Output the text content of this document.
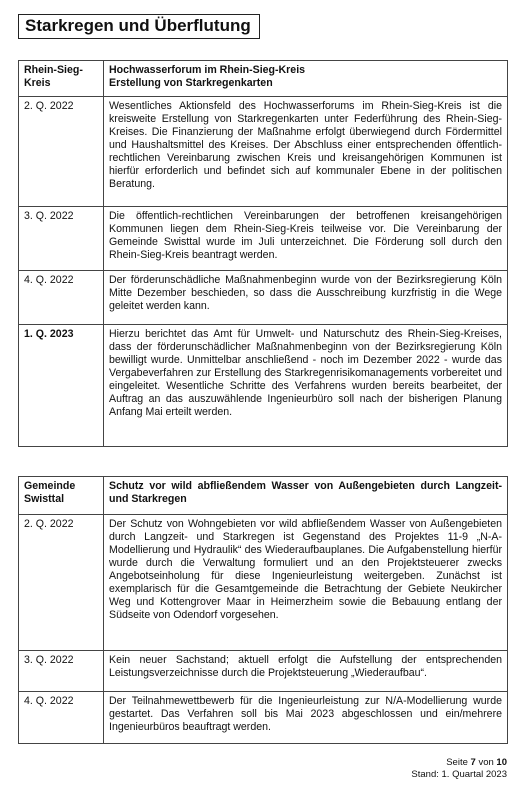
Starkregen und Überflutung
Rhein-Sieg-Kreis	Hochwasserforum im Rhein-Sieg-Kreis
Erstellung von Starkregenkarten

2. Q. 2022	Wesentliches Aktionsfeld des Hochwasserforums im Rhein-Sieg-Kreis ist die kreisweite Erstellung von Starkregenkarten unter Federführung des Rhein-Sieg-Kreises. Die Finanzierung der Maßnahme erfolgt überwiegend durch Fördermittel und Haushaltsmittel des Kreises. Der Abschluss einer entsprechenden öffentlich-rechtlichen Vereinbarung zwischen Kreis und kreisangehörigen Kommunen ist hierfür erforderlich und befindet sich auf kommunaler Ebene in der politischen Beratung.
3. Q. 2022	Die öffentlich-rechtlichen Vereinbarungen der betroffenen kreisangehörigen Kommunen liegen dem Rhein-Sieg-Kreis teilweise vor. Die Vereinbarung der Gemeinde Swisttal wurde im Juli unterzeichnet. Die Förderung soll durch den Rhein-Sieg-Kreis beantragt werden.
4. Q. 2022	Der förderunschädliche Maßnahmenbeginn wurde von der Bezirksregierung Köln Mitte Dezember beschieden, so dass die Ausschreibung kurzfristig in die Wege geleitet werden kann.
1. Q. 2023	Hierzu berichtet das Amt für Umwelt- und Naturschutz des Rhein-Sieg-Kreises, dass der förderunschädlicher Maßnahmenbeginn von der Bezirksregierung Köln bewilligt wurde. Unmittelbar anschließend - noch im Dezember 2022 - wurde das Vergabeverfahren zur Erstellung des Starkregenrisikomanagements vorbereitet und eingeleitet. Wesentliche Schritte des Verfahrens wurden bereits bearbeitet, der Auftrag an das auszuwählende Ingenieurbüro soll nach der bisherigen Planung Anfang Mai erteilt werden.
Gemeinde Swisttal	Schutz vor wild abfließendem Wasser von Außengebieten durch Langzeit- und Starkregen
2. Q. 2022	Der Schutz von Wohngebieten vor wild abfließendem Wasser von Außengebieten durch Langzeit- und Starkregen ist Gegenstand des Projektes 11-9 „N-A-Modellierung und Hydraulik“ des Wiederaufbauplanes. Die Aufgabenstellung hierfür wurde durch die Verwaltung formuliert und an den Projektsteuerer zwecks Angebotseinholung für diese Ingenieurleistung weitergeben. Zunächst ist exemplarisch für die Gesamtgemeinde die Betrachtung der Gebiete Neukircher Weg und Kottengrover Maar in Heimerzheim sowie die Bebauung entlang der Südseite von Odendorf vorgesehen.
3. Q. 2022	Kein neuer Sachstand; aktuell erfolgt die Aufstellung der entsprechenden Leistungsverzeichnisse durch die Projektsteuerung „Wiederaufbau“.
4. Q. 2022	Der Teilnahmewettbewerb für die Ingenieurleistung zur N/A-Modellierung wurde gestartet. Das Verfahren soll bis Mai 2023 abgeschlossen und ein/mehrere Ingenieurbüros beauftragt werden.
Seite 7 von 10
Stand: 1. Quartal 2023
